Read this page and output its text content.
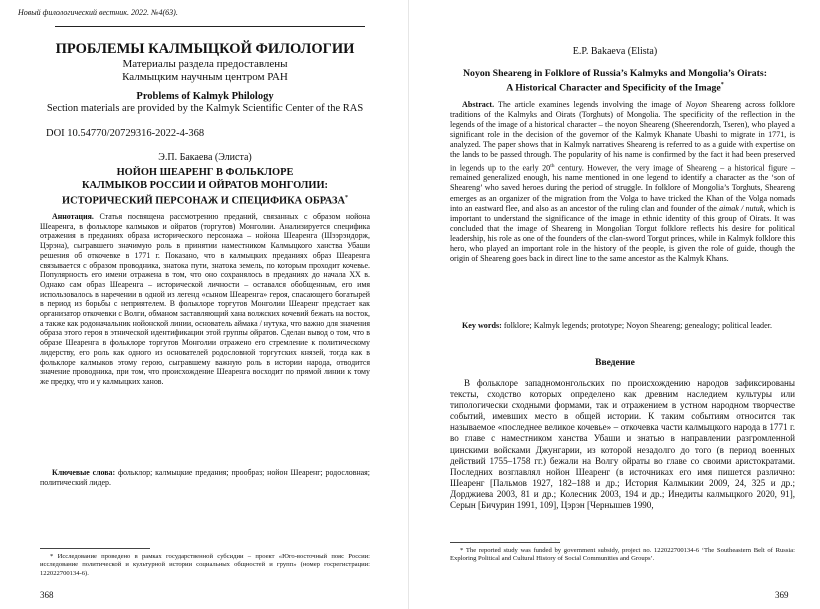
Новый филологический вестник. 2022. №4(63).
ПРОБЛЕМЫ КАЛМЫЦКОЙ ФИЛОЛОГИИ
Материалы раздела предоставлены
Калмыцким научным центром РАН
Problems of Kalmyk Philology
Section materials are provided by the Kalmyk Scientific Center of the RAS
DOI 10.54770/20729316-2022-4-368
Э.П. Бакаева (Элиста)
НОЙОН ШЕАРЕНГ В ФОЛЬКЛОРЕ
КАЛМЫКОВ РОССИИ И ОЙРАТОВ МОНГОЛИИ:
ИСТОРИЧЕСКИЙ ПЕРСОНАЖ И СПЕЦИФИКА ОБРАЗА*
Аннотация. Статья посвящена рассмотрению преданий, связанных с образом нойона Шеаренга, в фольклоре калмыков и ойратов (торгутов) Монголии. Анализируется специфика отражения в преданиях образа исторического персонажа – нойона Шеаренга (Шээрэндорж, Цэрэна), сыгравшего значимую роль в принятии наместником Калмыцкого ханства Убаши решения об откочевке в 1771 г. Показано, что в калмыцких преданиях образ Шеаренга связывается с образом проводника, знатока пути, знатока земель, по которым проходит кочевье. Популярность его имени отражена в том, что оно сохранялось в преданиях до начала XX в. Однако сам образ Шеаренга – исторической личности – оставался обобщенным, его имя использовалось в наречении в одной из легенд «сыном Шеаренга» героя, спасающего богатырей в период из борьбы с неприятелем. В фольклоре торгутов Монголии Шеаренг предстает как организатор откочевки с Волги, обманом заставляющий хана волжских кочевий бежать на восток, а также как родоначальник нойонской линии, основатель аймака / нутука, что важно для значения образа этого героя в этнической идентификации этой группы ойратов. Сделан вывод о том, что в образе Шеаренга в фольклоре торгутов Монголии отражено его стремление к политическому лидерству, его роль как одного из основателей родословной торгутских князей, тогда как в фольклоре калмыков этому герою, сыгравшему важную роль в истории народа, отводится значение проводника, при том, что происхождение Шеаренга восходит по прямой линии к тому же предку, что и у калмыцких ханов.
Ключевые слова: фольклор; калмыцкие предания; прообраз; нойон Шеаренг; родословная; политический лидер.
* Исследование проведено в рамках государственной субсидии – проект «Юго-восточный пояс России: исследование политической и культурной истории социальных общностей и групп» (номер госрегистрации: 122022700134-6).
368
E.P. Bakaeva (Elista)
Noyon Sheareng in Folklore of Russia’s Kalmyks and Mongolia’s Oirats:
A Historical Character and Specificity of the Image*
Abstract. The article examines legends involving the image of Noyon Sheareng across folklore traditions of the Kalmyks and Oirats (Torghuts) of Mongolia. The specificity of the reflection in the legends of the image of a historical character – the noyon Sheareng (Sheerendorzh, Tseren), who played a significant role in the decision of the governor of the Kalmyk Khanate Ubashi to migrate in 1771, is analyzed. The paper shows that in Kalmyk narratives Sheareng is referred to as a guide with expertise on the lands to be passed through. The popularity of his name is confirmed by the fact it had been preserved in legends up to the early 20th century. However, the very image of Sheareng – a historical figure – remained generalized enough, his name mentioned in one legend to identify a character as the ‘son of Sheareng’ who saved heroes during the period of struggle. In folklore of Mongolia’s Torghuts, Sheareng emerges as an organizer of the migration from the Volga to have tricked the Khan of the Volga nomads into an eastward flee, and also as an ancestor of the ruling clan and founder of the aimak / nutuk, which is important to understand the significance of the image in ethnic identity of this group of Oirats. It was concluded that the image of Sheareng in Mongolian Torgut folklore reflects his desire for political leadership, his role as one of the founders of the clan-sword Torgut princes, while in Kalmyk folklore this hero, who played an important role in the history of the people, is given the role of guide, though the origin of Sheareng goes back in direct line to the same ancestor as the Kalmyk Khans.
Key words: folklore; Kalmyk legends; prototype; Noyon Sheareng; genealogy; political leader.
Введение
В фольклоре западномонгольских по происхождению народов зафиксированы тексты, сходство которых определено как древним наследием культуры или типологически сходными формами, так и отражением в устном народном творчестве событий, имевших место в общей истории. К таким событиям относится так называемое «последнее великое кочевье» – откочевка части калмыцкого народа в 1771 г. во главе с наместником ханства Убаши и знатью в направлении разгромленной цинскими войсками Джунгарии, из которой незадолго до того (в период военных действий 1755–1758 гг.) бежали на Волгу ойраты во главе со своими аристократами. Последних возглавлял нойон Шеаренг (в источниках его имя пишется различно: Шеаренг [Пальмов 1927, 182–188 и др.; История Калмыкии 2009, 24, 325 и др.; Дорджиева 2003, 81 и др.; Колесник 2003, 194 и др.; Инедиты калмыцкого 2020, 91], Серын [Бичурин 1991, 109], Цэрэн [Чернышев 1990,
* The reported study was funded by government subsidy, project no. 122022700134-6 ‘The Southeastern Belt of Russia: Exploring Political and Cultural History of Social Communities and Groups’.
369
